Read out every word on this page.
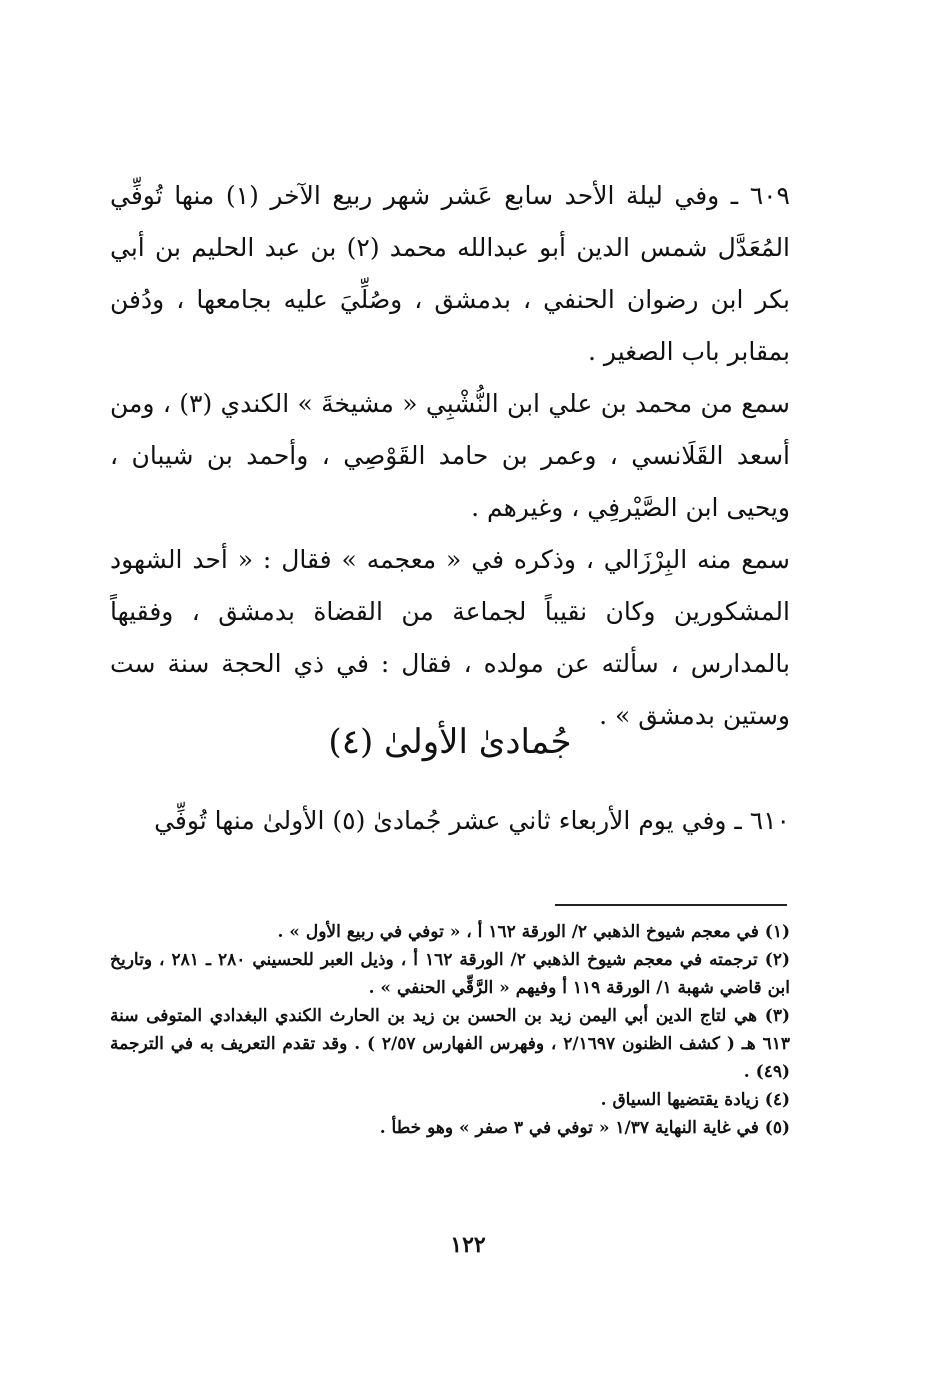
٦٠٩ ـ وفي ليلة الأحد سابع عَشر شهر ربيع الآخر (١) منها تُوفِّي المُعَدَّل شمس الدين أبو عبدالله محمد (٢) بن عبد الحليم بن أبي بكر ابن رضوان الحنفي ، بدمشق ، وصُلِّيَ عليه بجامعها ، ودُفن بمقابر باب الصغير .

سمع من محمد بن علي ابن النُّشْبِي « مشيخةَ » الكندي (٣) ، ومن أسعد القَلَانسي ، وعمر بن حامد القَوْصِي ، وأحمد بن شيبان ، ويحيى ابن الصَّيْرفِي ، وغيرهم .

سمع منه البِرْزَالي ، وذكره في « معجمه » فقال : « أحد الشهود المشكورين وكان نقيباً لجماعة من القضاة بدمشق ، وفقيهاً بالمدارس ، سألته عن مولده ، فقال : في ذي الحجة سنة ست وستين بدمشق » .

جُمادىٰ الأولىٰ (٤)

٦١٠ ـ وفي يوم الأربعاء ثاني عشر جُمادىٰ (٥) الأولىٰ منها تُوفِّي

(١) في معجم شيوخ الذهبي ٢/ الورقة ١٦٢ أ ، « توفي في ربيع الأول » .

(٢) ترجمته في معجم شيوخ الذهبي ٢/ الورقة ١٦٢ أ ، وذيل العبر للحسيني ٢٨٠ ـ ٢٨١ ، وتاريخ ابن قاضي شهبة ١/ الورقة ١١٩ أ وفيهم « الرَّقِّي الحنفي » .

(٣) هي لتاج الدين أبي اليمن زيد بن الحسن بن زيد بن الحارث الكندي البغدادي المتوفى سنة ٦١٣ هـ ( كشف الظنون ٢/١٦٩٧ ، وفهرس الفهارس ٢/٥٧ ) . وقد تقدم التعريف به في الترجمة (٤٩) .

(٤) زيادة يقتضيها السياق .

(٥) في غاية النهاية ١/٣٧ « توفي في ٣ صفر » وهو خطأ .

١٢٢
